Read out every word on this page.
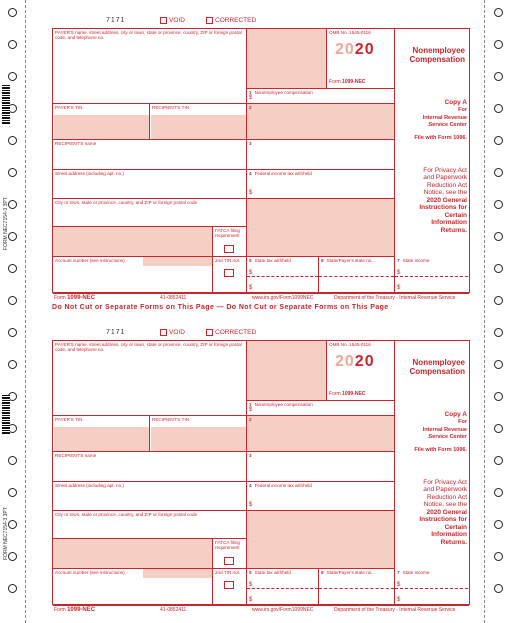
FORM NEC7154-3 3PT
FORM NEC7154-3 3PT
7171	VOID	CORRECTED
PAYER'S name, street address, city or town, state or province, country, ZIP or foreign postal code, and telephone no.
OMB No. 1545-0116
2020
Form 1099-NEC
Nonemployee
Compensation
1 Nonemployee compensation
$
PAYER'S TIN	RECIPIENT'S TIN	2
RECIPIENT'S name	3
Street address (including apt. no.)	4 Federal income tax withheld
$
City or town, state or province, country, and ZIP or foreign postal code
FATCA filing requirement
Account number (see instructions)	2nd TIN not.	5 State tax withheld
$
$
6 State/Payer's state no.	7 State income
$
$
Copy A
For
Internal Revenue
Service Center
File with Form 1096.
For Privacy Act
and Paperwork
Reduction Act
Notice, see the
2020 General
Instructions for
Certain
Information
Returns.
Form 1099-NEC	41-0852411	www.irs.gov/Form1099NEC	Department of the Treasury - Internal Revenue Service
Do Not Cut or Separate Forms on This Page — Do Not Cut or Separate Forms on This Page
7171	VOID	CORRECTED
PAYER'S name, street address, city or town, state or province, country, ZIP or foreign postal code, and telephone no.
OMB No. 1545-0116
2020
Form 1099-NEC
Nonemployee
Compensation
1 Nonemployee compensation
$
PAYER'S TIN	RECIPIENT'S TIN	2
RECIPIENT'S name	3
Street address (including apt. no.)	4 Federal income tax withheld
$
City or town, state or province, country, and ZIP or foreign postal code
FATCA filing requirement
Account number (see instructions)	2nd TIN not.	5 State tax withheld
$
$
6 State/Payer's state no.	7 State income
$
$
Copy A
For
Internal Revenue
Service Center
File with Form 1096.
For Privacy Act
and Paperwork
Reduction Act
Notice, see the
2020 General
Instructions for
Certain
Information
Returns.
Form 1099-NEC	41-0852411	www.irs.gov/Form1099NEC	Department of the Treasury - Internal Revenue Service
